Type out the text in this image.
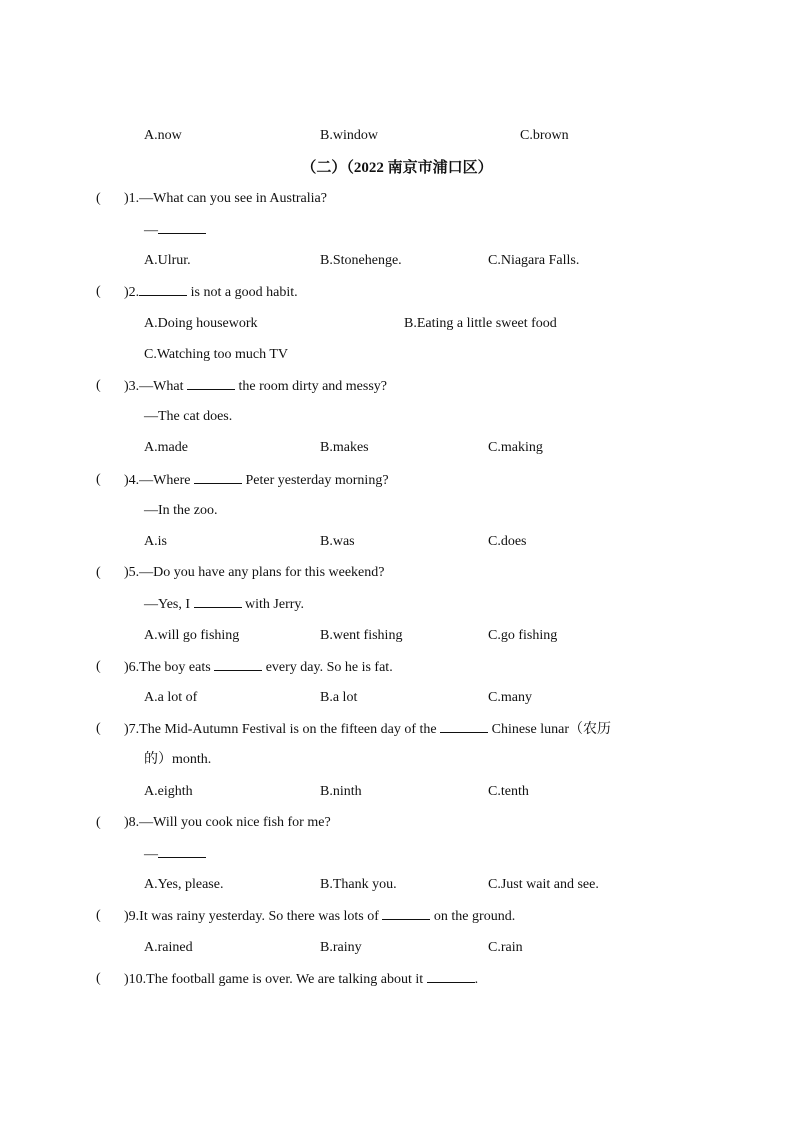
A.now	B.window	C.brown
（二）（2022 南京市浦口区）
( )1.—What can you see in Australia?
—
A.Ulrur.	B.Stonehenge.	C.Niagara Falls.
( )2.	is not a good habit.
A.Doing housework	B.Eating a little sweet food
C.Watching too much TV
( )3.—What	the room dirty and messy?
—The cat does.
A.made	B.makes	C.making
( )4.—Where	Peter yesterday morning?
—In the zoo.
A.is	B.was	C.does
( )5.—Do you have any plans for this weekend?
—Yes, I	with Jerry.
A.will go fishing	B.went fishing	C.go fishing
( )6.The boy eats	every day. So he is fat.
A.a lot of	B.a lot	C.many
( )7.The Mid-Autumn Festival is on the fifteen day of the	Chinese lunar（农历
的）month.
A.eighth	B.ninth	C.tenth
( )8.—Will you cook nice fish for me?
—
A.Yes, please.	B.Thank you.	C.Just wait and see.
( )9.It was rainy yesterday. So there was lots of	on the ground.
A.rained	B.rainy	C.rain
( )10.The football game is over. We are talking about it	.
